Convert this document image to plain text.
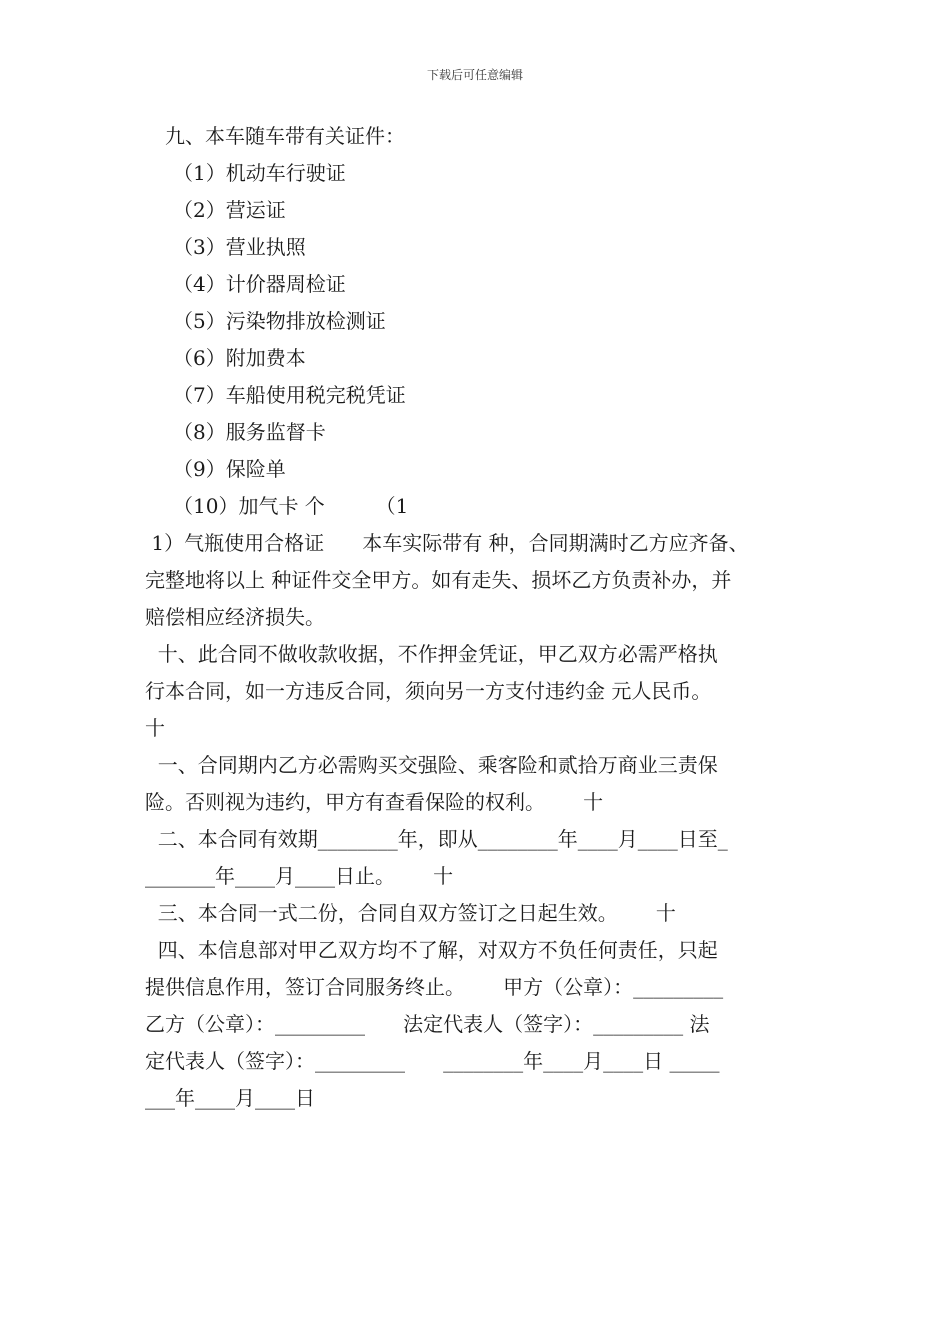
下载后可任意编辑
九、本车随车带有关证件：
（1）机动车行驶证
（2）营运证
（3）营业执照
（4）计价器周检证
（5）污染物排放检测证
（6）附加费本
（7）车船使用税完税凭证
（8）服务监督卡
（9）保险单
（10）加气卡 个        （1
1）气瓶使用合格证      本车实际带有 种，合同期满时乙方应齐备、
完整地将以上 种证件交全甲方。如有走失、损坏乙方负责补办，并
赔偿相应经济损失。
十、此合同不做收款收据，不作押金凭证，甲乙双方必需严格执
行本合同，如一方违反合同，须向另一方支付违约金 元人民币。
十
一、合同期内乙方必需购买交强险、乘客险和贰拾万商业三责保
险。否则视为违约，甲方有查看保险的权利。      十
二、本合同有效期________年，即从________年____月____日至_
_______年____月____日止。      十
三、本合同一式二份，合同自双方签订之日起生效。      十
四、本信息部对甲乙双方均不了解，对双方不负任何责任，只起
提供信息作用，签订合同服务终止。      甲方（公章）：_________
乙方（公章）：_________      法定代表人（签字）：_________ 法
定代表人（签字）：_________      ________年____月____日 _____
___年____月____日
